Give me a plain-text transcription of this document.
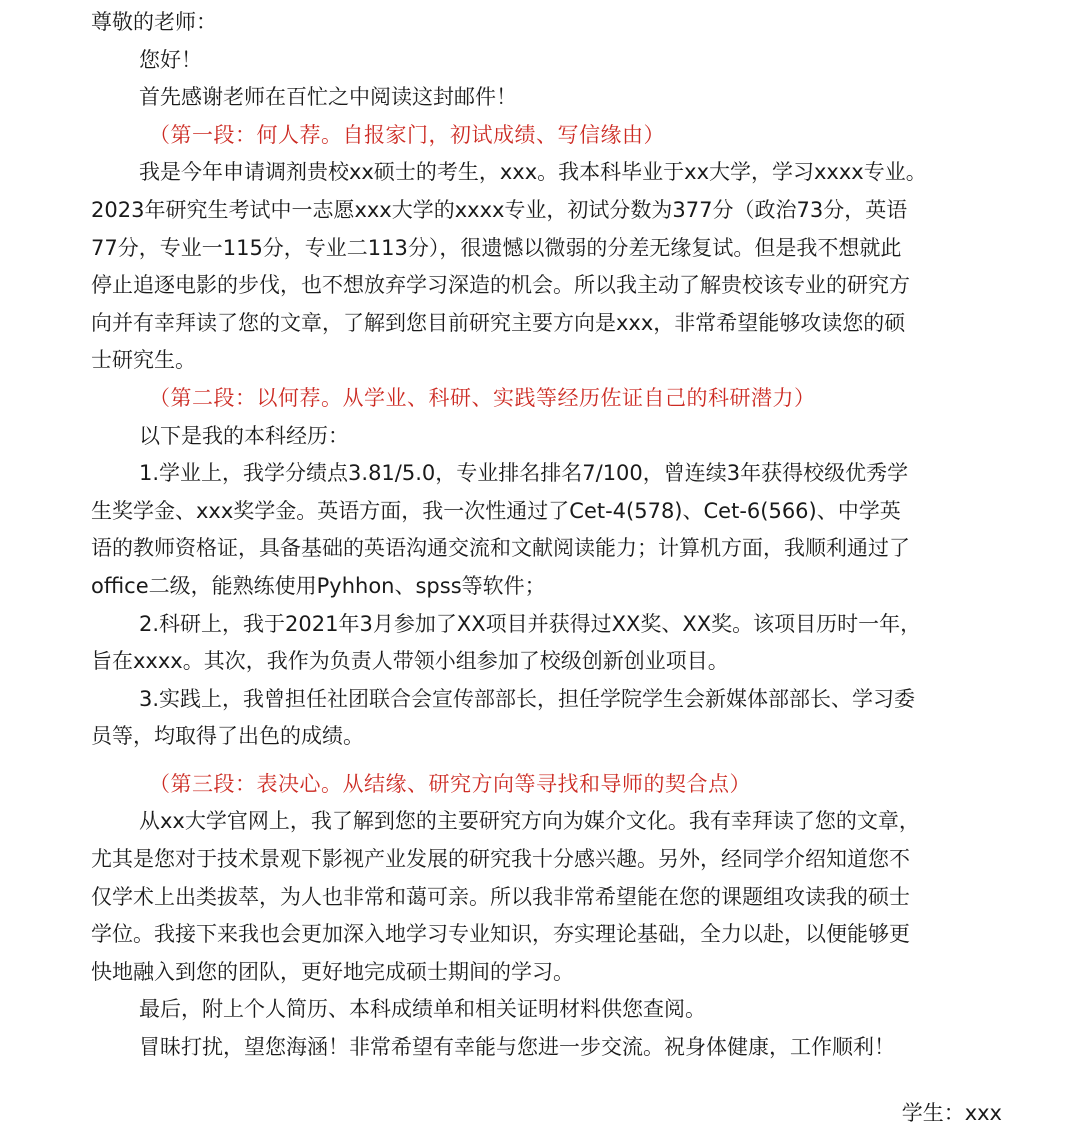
尊敬的老师：

您好！

首先感谢老师在百忙之中阅读这封邮件！

（第一段：何人荐。自报家门，初试成绩、写信缘由）

我是今年申请调剂贵校xx硕士的考生，xxx。我本科毕业于xx大学，学习xxxx专业。

2023年研究生考试中一志愿xxx大学的xxxx专业，初试分数为377分（政治73分，英语

77分，专业一115分，专业二113分），很遗憾以微弱的分差无缘复试。但是我不想就此

停止追逐电影的步伐，也不想放弃学习深造的机会。所以我主动了解贵校该专业的研究方

向并有幸拜读了您的文章，了解到您目前研究主要方向是xxx，非常希望能够攻读您的硕

士研究生。

（第二段：以何荐。从学业、科研、实践等经历佐证自己的科研潜力）

以下是我的本科经历：

1.学业上，我学分绩点3.81/5.0，专业排名排名7/100，曾连续3年获得校级优秀学

生奖学金、xxx奖学金。英语方面，我一次性通过了Cet-4(578)、Cet-6(566)、中学英

语的教师资格证，具备基础的英语沟通交流和文献阅读能力；计算机方面，我顺利通过了

office二级，能熟练使用Pyhhon、spss等软件；

2.科研上，我于2021年3月参加了XX项目并获得过XX奖、XX奖。该项目历时一年，

旨在xxxx。其次，我作为负责人带领小组参加了校级创新创业项目。

3.实践上，我曾担任社团联合会宣传部部长，担任学院学生会新媒体部部长、学习委

员等，均取得了出色的成绩。

（第三段：表决心。从结缘、研究方向等寻找和导师的契合点）

从xx大学官网上，我了解到您的主要研究方向为媒介文化。我有幸拜读了您的文章，

尤其是您对于技术景观下影视产业发展的研究我十分感兴趣。另外，经同学介绍知道您不

仅学术上出类拔萃，为人也非常和蔼可亲。所以我非常希望能在您的课题组攻读我的硕士

学位。我接下来我也会更加深入地学习专业知识，夯实理论基础，全力以赴，以便能够更

快地融入到您的团队，更好地完成硕士期间的学习。

最后，附上个人简历、本科成绩单和相关证明材料供您查阅。

冒昧打扰，望您海涵！非常希望有幸能与您进一步交流。祝身体健康，工作顺利！

学生：xxx
